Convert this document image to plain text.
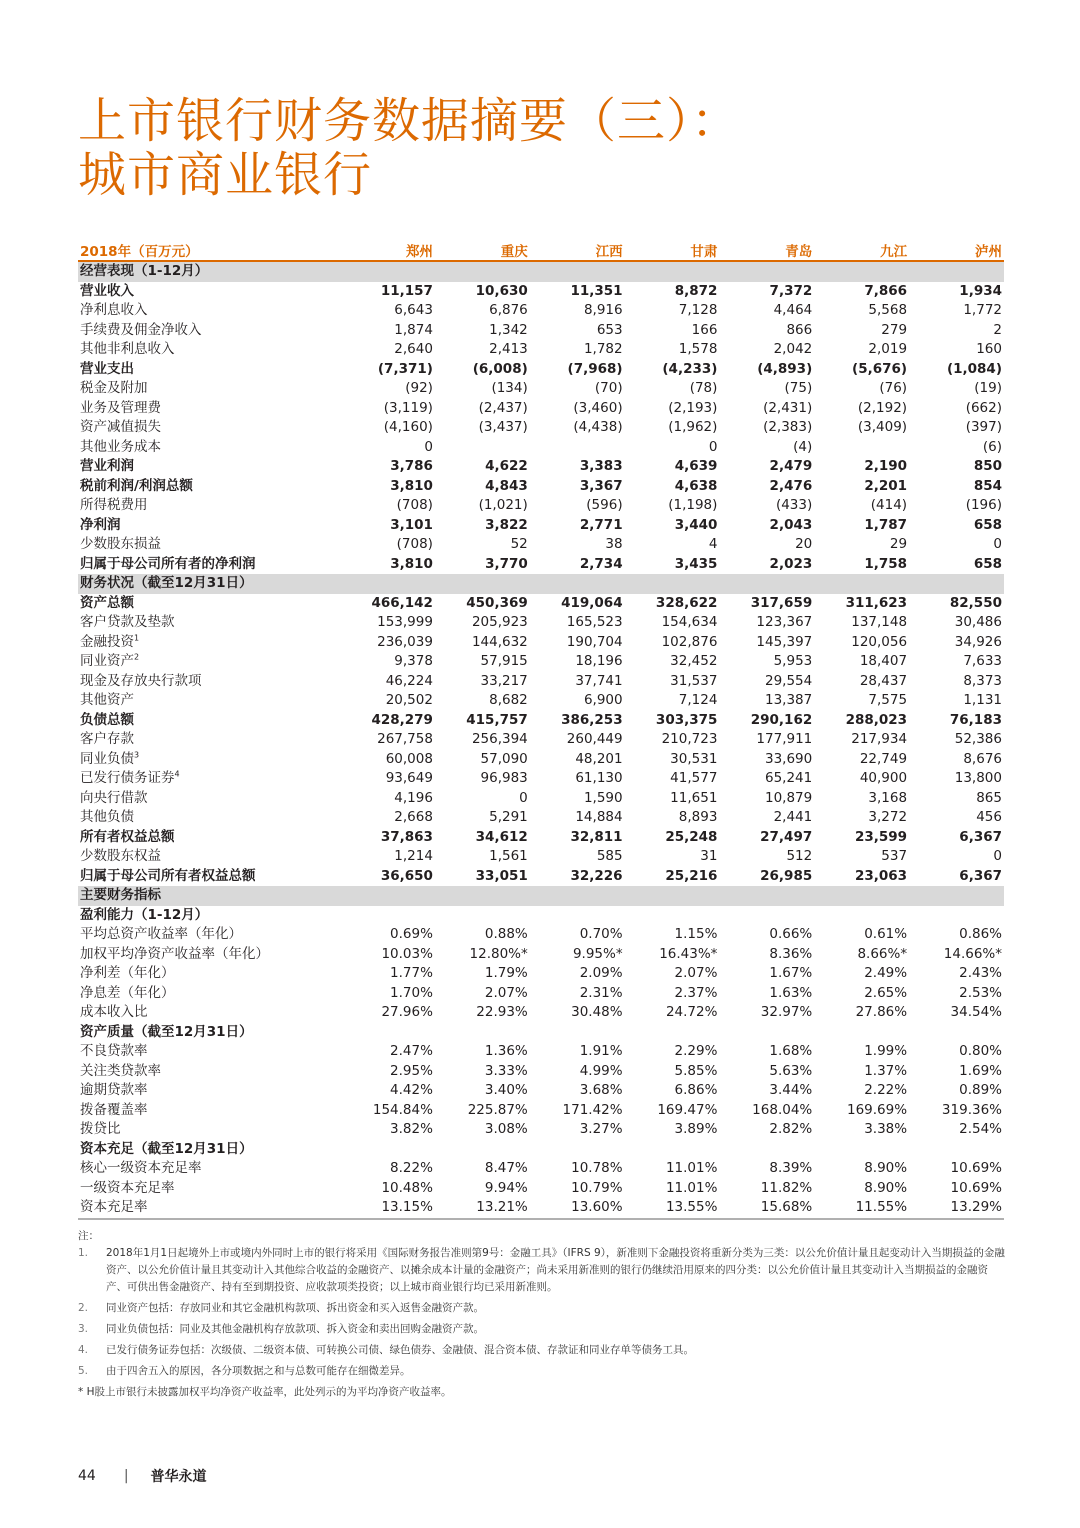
上市银行财务数据摘要（三）：
城市商业银行
2018年（百万元）	郑州	重庆	江西	甘肃	青岛	九江	泸州
经营表现（1-12月）							
营业收入	11,157	10,630	11,351	8,872	7,372	7,866	1,934
净利息收入	6,643	6,876	8,916	7,128	4,464	5,568	1,772
手续费及佣金净收入	1,874	1,342	653	166	866	279	2
其他非利息收入	2,640	2,413	1,782	1,578	2,042	2,019	160
营业支出	(7,371)	(6,008)	(7,968)	(4,233)	(4,893)	(5,676)	(1,084)
税金及附加	(92)	(134)	(70)	(78)	(75)	(76)	(19)
业务及管理费	(3,119)	(2,437)	(3,460)	(2,193)	(2,431)	(2,192)	(662)
资产减值损失	(4,160)	(3,437)	(4,438)	(1,962)	(2,383)	(3,409)	(397)
其他业务成本	0			0	(4)		(6)
营业利润	3,786	4,622	3,383	4,639	2,479	2,190	850
税前利润/利润总额	3,810	4,843	3,367	4,638	2,476	2,201	854
所得税费用	(708)	(1,021)	(596)	(1,198)	(433)	(414)	(196)
净利润	3,101	3,822	2,771	3,440	2,043	1,787	658
少数股东损益	(708)	52	38	4	20	29	0
归属于母公司所有者的净利润	3,810	3,770	2,734	3,435	2,023	1,758	658
财务状况（截至12月31日）							
资产总额	466,142	450,369	419,064	328,622	317,659	311,623	82,550
客户贷款及垫款	153,999	205,923	165,523	154,634	123,367	137,148	30,486
金融投资$^1$	236,039	144,632	190,704	102,876	145,397	120,056	34,926
同业资产$^2$	9,378	57,915	18,196	32,452	5,953	18,407	7,633
现金及存放央行款项	46,224	33,217	37,741	31,537	29,554	28,437	8,373
其他资产	20,502	8,682	6,900	7,124	13,387	7,575	1,131
负债总额	428,279	415,757	386,253	303,375	290,162	288,023	76,183
客户存款	267,758	256,394	260,449	210,723	177,911	217,934	52,386
同业负债$^3$	60,008	57,090	48,201	30,531	33,690	22,749	8,676
已发行债务证券$^4$	93,649	96,983	61,130	41,577	65,241	40,900	13,800
向央行借款	4,196	0	1,590	11,651	10,879	3,168	865
其他负债	2,668	5,291	14,884	8,893	2,441	3,272	456
所有者权益总额	37,863	34,612	32,811	25,248	27,497	23,599	6,367
少数股东权益	1,214	1,561	585	31	512	537	0
归属于母公司所有者权益总额	36,650	33,051	32,226	25,216	26,985	23,063	6,367
主要财务指标							
盈利能力（1-12月）							
平均总资产收益率（年化）	0.69%	0.88%	0.70%	1.15%	0.66%	0.61%	0.86%
加权平均净资产收益率（年化）	10.03%	12.80%*	9.95%*	16.43%*	8.36%	8.66%*	14.66%*
净利差（年化）	1.77%	1.79%	2.09%	2.07%	1.67%	2.49%	2.43%
净息差（年化）	1.70%	2.07%	2.31%	2.37%	1.63%	2.65%	2.53%
成本收入比	27.96%	22.93%	30.48%	24.72%	32.97%	27.86%	34.54%
资产质量（截至12月31日）							
不良贷款率	2.47%	1.36%	1.91%	2.29%	1.68%	1.99%	0.80%
关注类贷款率	2.95%	3.33%	4.99%	5.85%	5.63%	1.37%	1.69%
逾期贷款率	4.42%	3.40%	3.68%	6.86%	3.44%	2.22%	0.89%
拨备覆盖率	154.84%	225.87%	171.42%	169.47%	168.04%	169.69%	319.36%
拨贷比	3.82%	3.08%	3.27%	3.89%	2.82%	3.38%	2.54%
资本充足（截至12月31日）							
核心一级资本充足率	8.22%	8.47%	10.78%	11.01%	8.39%	8.90%	10.69%
一级资本充足率	10.48%	9.94%	10.79%	11.01%	11.82%	8.90%	10.69%
资本充足率	13.15%	13.21%	13.60%	13.55%	15.68%	11.55%	13.29%
注：
1.	2018年1月1日起境外上市或境内外同时上市的银行将采用《国际财务报告准则第9号：金融工具》（IFRS 9），新准则下金融投资将重新分类为三类：以公允价值计量且起变动计入当期损益的金融资产、以公允价值计量且其变动计入其他综合收益的金融资产、以摊余成本计量的金融资产；尚未采用新准则的银行仍继续沿用原来的四分类：以公允价值计量且其变动计入当期损益的金融资产、可供出售金融资产、持有至到期投资、应收款项类投资；以上城市商业银行均已采用新准则。
2.	同业资产包括：存放同业和其它金融机构款项、拆出资金和买入返售金融资产款。
3.	同业负债包括：同业及其他金融机构存放款项、拆入资金和卖出回购金融资产款。
4.	已发行债务证券包括：次级债、二级资本债、可转换公司债、绿色债券、金融债、混合资本债、存款证和同业存单等债务工具。
5.	由于四舍五入的原因，各分项数据之和与总数可能存在细微差异。
* H股上市银行未披露加权平均净资产收益率，此处列示的为平均净资产收益率。
44 | 普华永道
